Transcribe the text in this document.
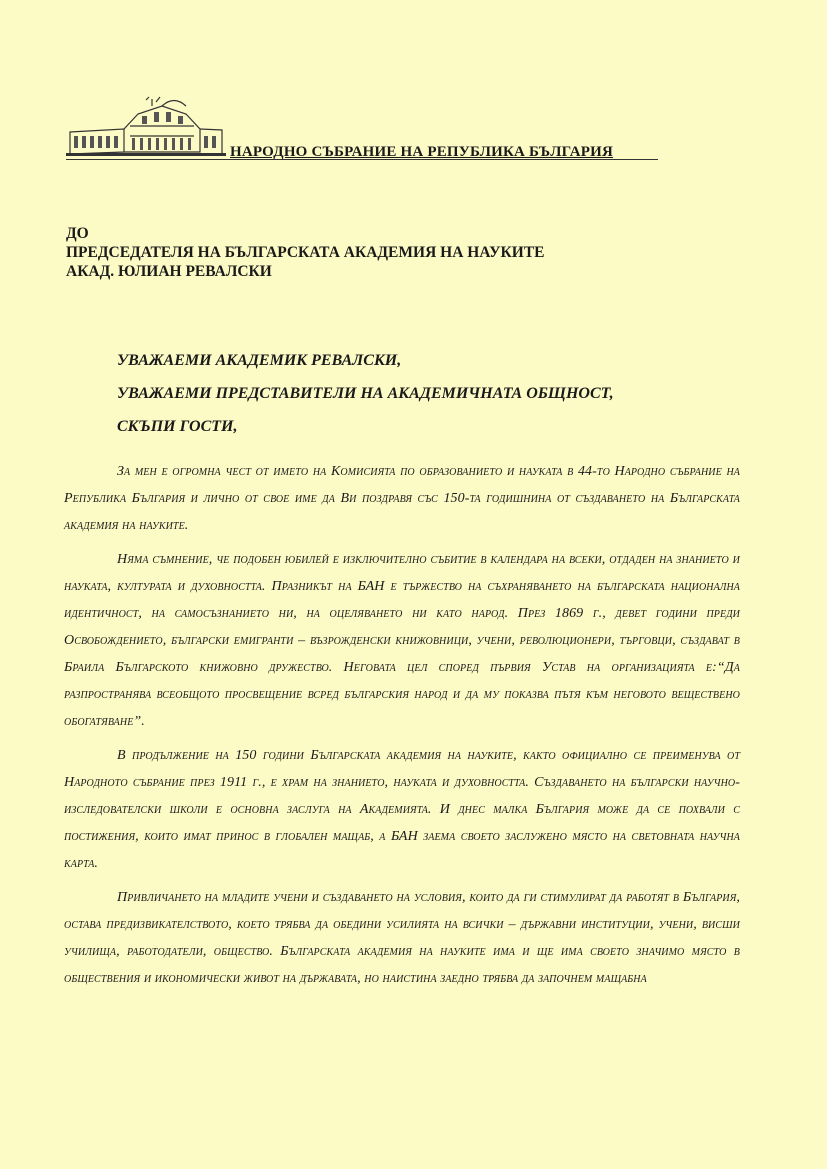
НАРОДНО СЪБРАНИЕ НА РЕПУБЛИКА БЪЛГАРИЯ
ДО
ПРЕДСЕДАТЕЛЯ НА БЪЛГАРСКАТА АКАДЕМИЯ НА НАУКИТЕ
АКАД. ЮЛИАН РЕВАЛСКИ
УВАЖАЕМИ АКАДЕМИК РЕВАЛСКИ,
УВАЖАЕМИ ПРЕДСТАВИТЕЛИ НА АКАДЕМИЧНАТА ОБЩНОСТ,
СКЪПИ ГОСТИ,

За мен е огромна чест от името на Комисията по образованието и науката в 44-то Народно събрание на Република България и лично от свое име да Ви поздравя със 150-та годишнина от създаването на Българската академия на науките.

Няма съмнение, че подобен юбилей е изключително събитие в календара на всеки, отдаден на знанието и науката, културата и духовността. Празникът на БАН е тържество на съхраняването на българската национална идентичност, на самосъзнанието ни, на оцеляването ни като народ. През 1869 г., девет години преди Освобождението, български емигранти – възрожденски книжовници, учени, революционери, търговци, създават в Браила Българското книжовно дружество. Неговата цел според първия Устав на организацията е:“Да разпространява всеобщото просвещение всред българския народ и да му показва пътя към неговото веществено обогатяване”.

В продължение на 150 години Българската академия на науките, както официално се преименува от Народното събрание през 1911 г., е храм на знанието, науката и духовността. Създаването на български научно-изследователски школи е основна заслуга на Академията. И днес малка България може да се похвали с постижения, които имат принос в глобален мащаб, а БАН заема своето заслужено място на световната научна карта.

Привличането на младите учени и създаването на условия, които да ги стимулират да работят в България, остава предизвикателството, което трябва да обедини усилията на всички – държавни институции, учени, висши училища, работодатели, общество. Българската академия на науките има и ще има своето значимо място в обществения и икономически живот на държавата, но наистина заедно трябва да започнем мащабна
